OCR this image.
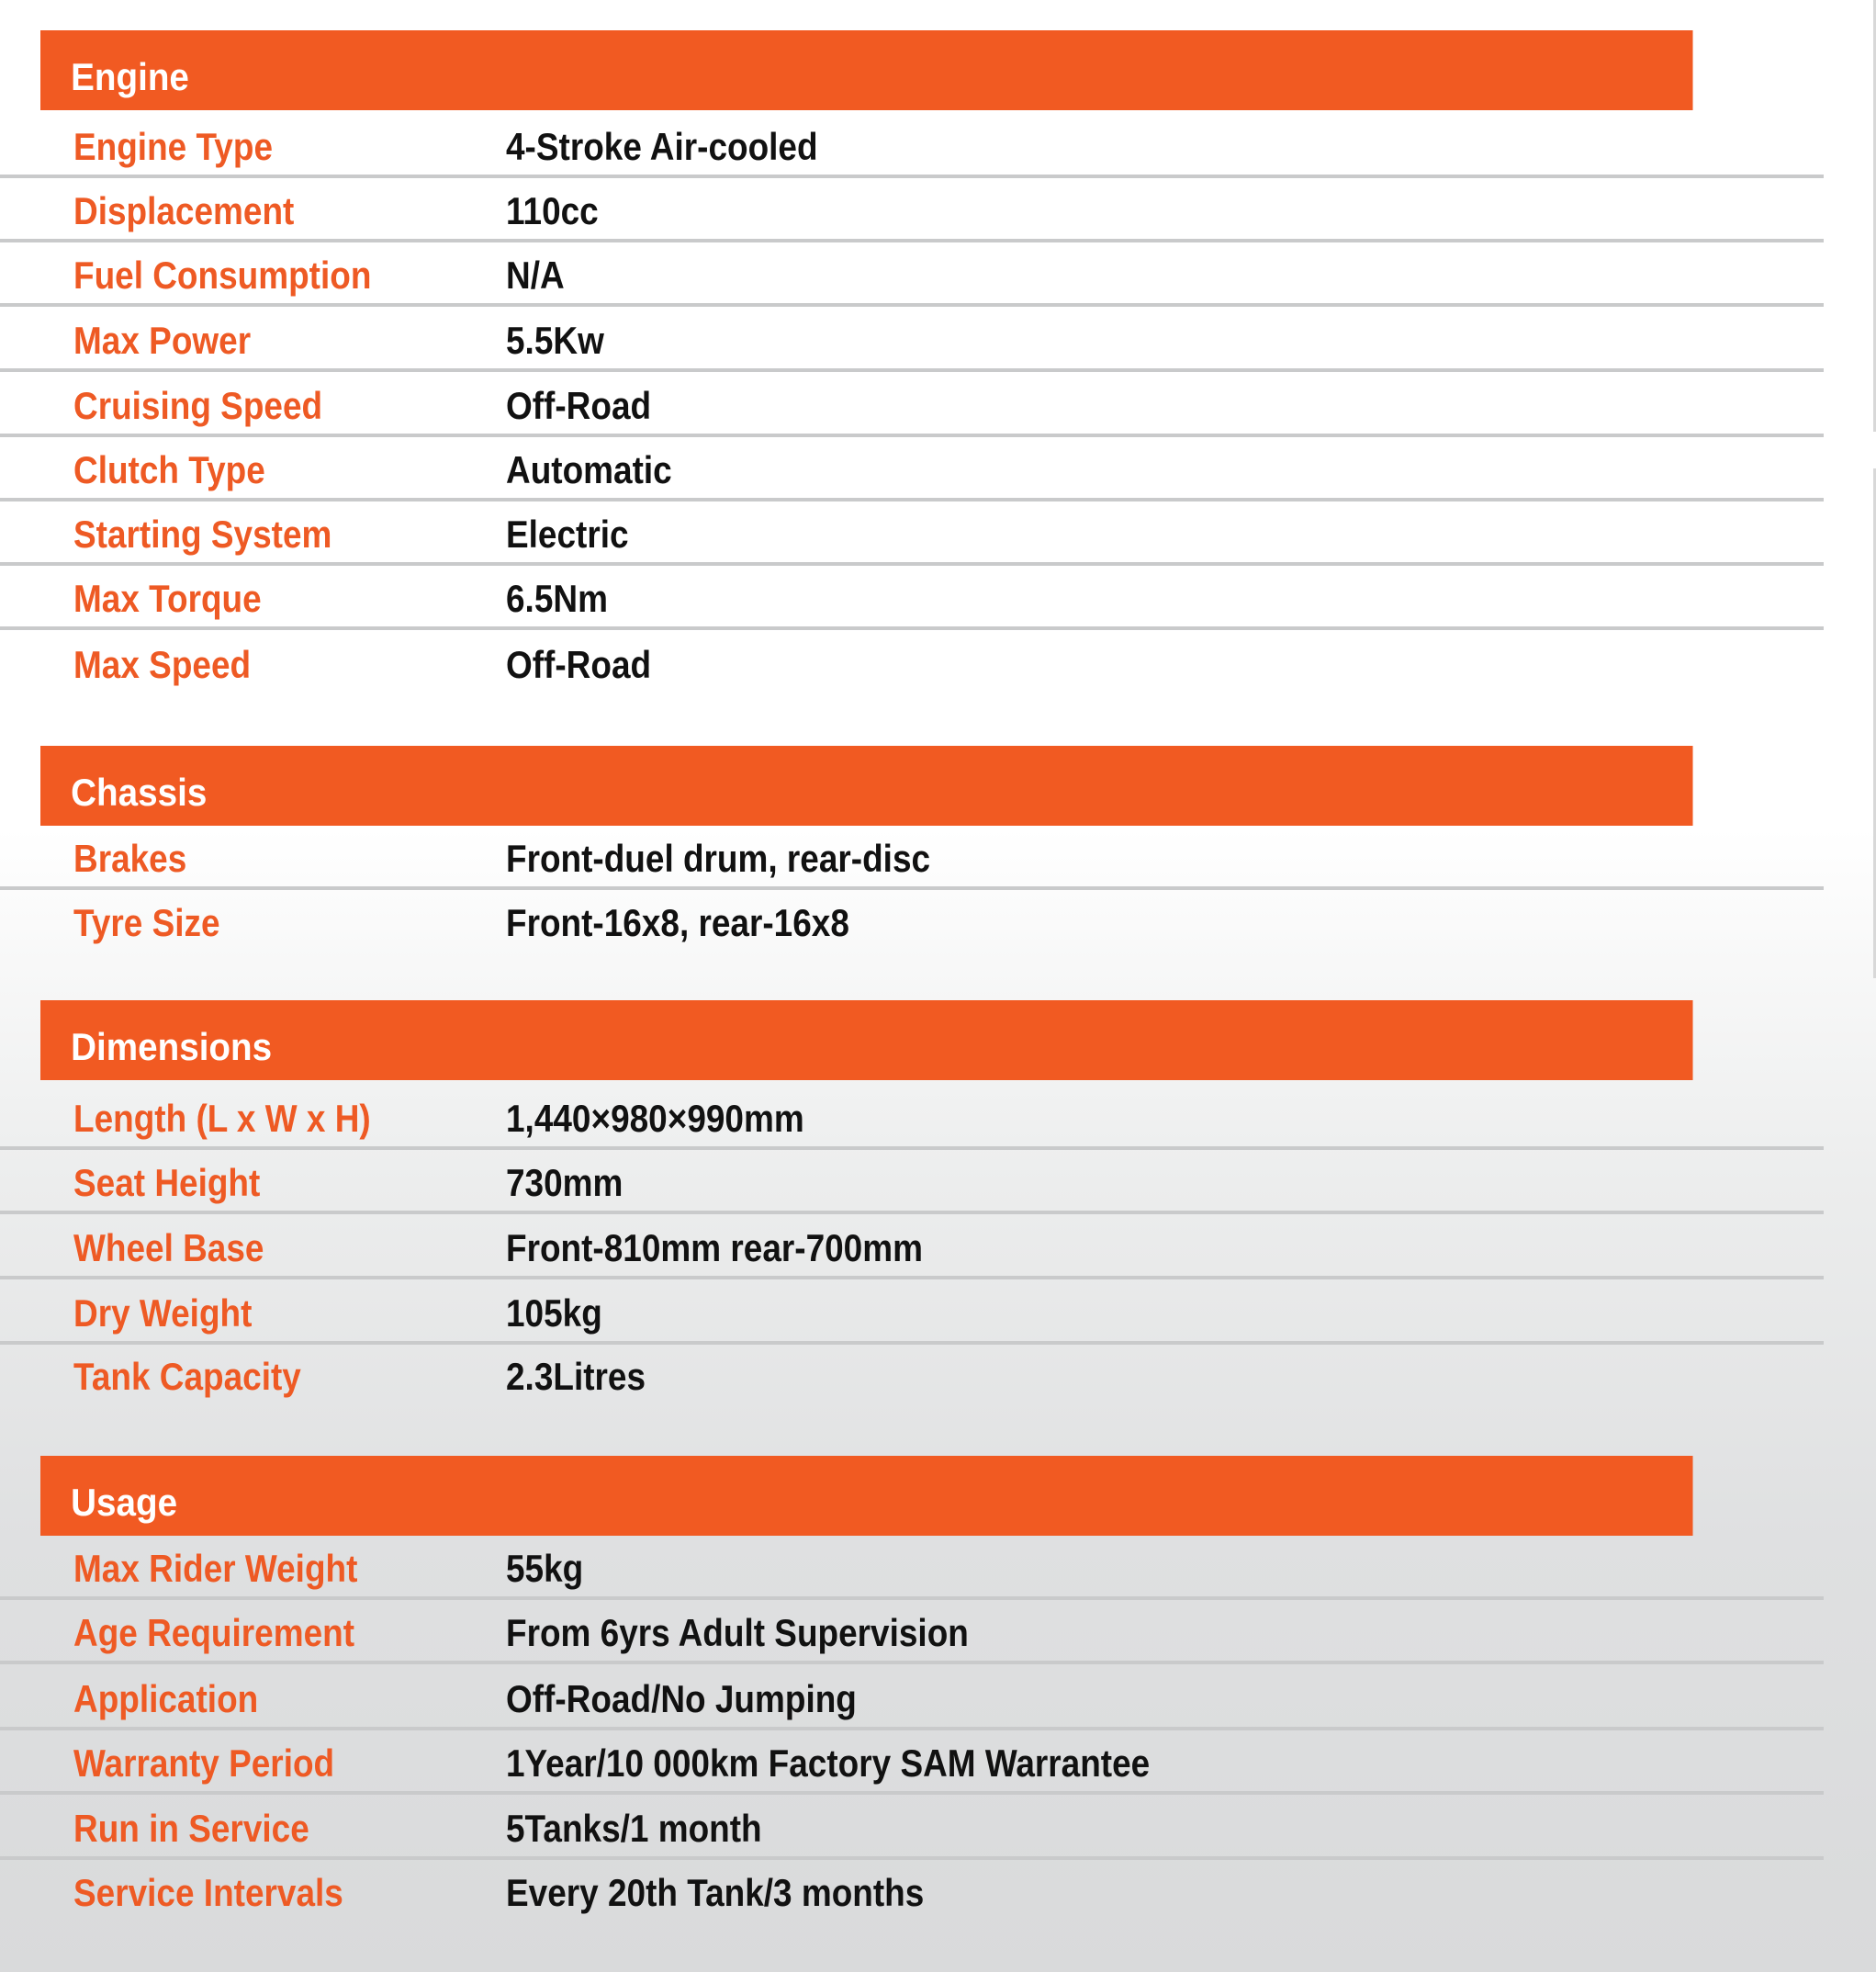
Engine
Engine Type	4-Stroke Air-cooled
Displacement	110cc
Fuel Consumption	N/A
Max Power	5.5Kw
Cruising Speed	Off-Road
Clutch Type	Automatic
Starting System	Electric
Max Torque	6.5Nm
Max Speed	Off-Road
Chassis
Brakes	Front-duel drum, rear-disc
Tyre Size	Front-16x8, rear-16x8
Dimensions
Length (L x W x H)	1,440×980×990mm
Seat Height	730mm
Wheel Base	Front-810mm rear-700mm
Dry Weight	105kg
Tank Capacity	2.3Litres
Usage
Max Rider Weight	55kg
Age Requirement	From 6yrs Adult Supervision
Application	Off-Road/No Jumping
Warranty Period	1Year/10 000km Factory SAM Warrantee
Run in Service	5Tanks/1 month
Service Intervals	Every 20th Tank/3 months
